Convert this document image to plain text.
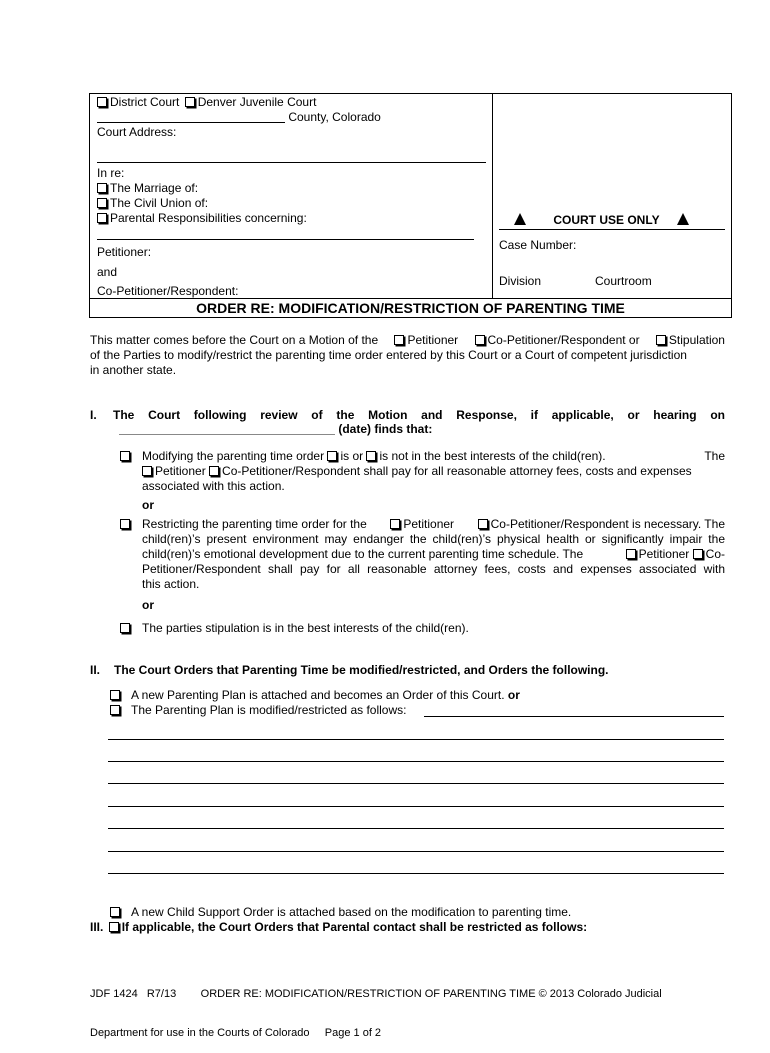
District Court Denver Juvenile Court
County, Colorado
Court Address:
In re:
The Marriage of:
The Civil Union of:
Parental Responsibilities concerning:
Petitioner:
and
Co-Petitioner/Respondent:
COURT USE ONLY
Case Number:
Division	Courtroom
ORDER RE: MODIFICATION/RESTRICTION OF PARENTING TIME
This matter comes before the Court on a Motion of the	Petitioner	Co-Petitioner/Respondent or	Stipulation
of the Parties to modify/restrict the parenting time order entered by this Court or a Court of competent jurisdiction
in another state.
I. The Court following review of the Motion and Response, if applicable, or hearing on
(date) finds that:
Modifying the parenting time order is or is not in the best interests of the child(ren).	The
Petitioner Co-Petitioner/Respondent shall pay for all reasonable attorney fees, costs and expenses
associated with this action.
or
Restricting the parenting time order for the	Petitioner	Co-Petitioner/Respondent is necessary. The
child(ren)’s present environment may endanger the child(ren)’s physical health or significantly impair the
child(ren)’s emotional development due to the current parenting time schedule. The	Petitioner Co-
Petitioner/Respondent shall pay for all reasonable attorney fees, costs and expenses associated with
this action.
or
The parties stipulation is in the best interests of the child(ren).
II. The Court Orders that Parenting Time be modified/restricted, and Orders the following.
A new Parenting Plan is attached and becomes an Order of this Court. or
The Parenting Plan is modified/restricted as follows:
A new Child Support Order is attached based on the modification to parenting time.
III. If applicable, the Court Orders that Parental contact shall be restricted as follows:

JDF 1424   R7/13        ORDER RE: MODIFICATION/RESTRICTION OF PARENTING TIME © 2013 Colorado Judicial

Department for use in the Courts of Colorado     Page 1 of 2
